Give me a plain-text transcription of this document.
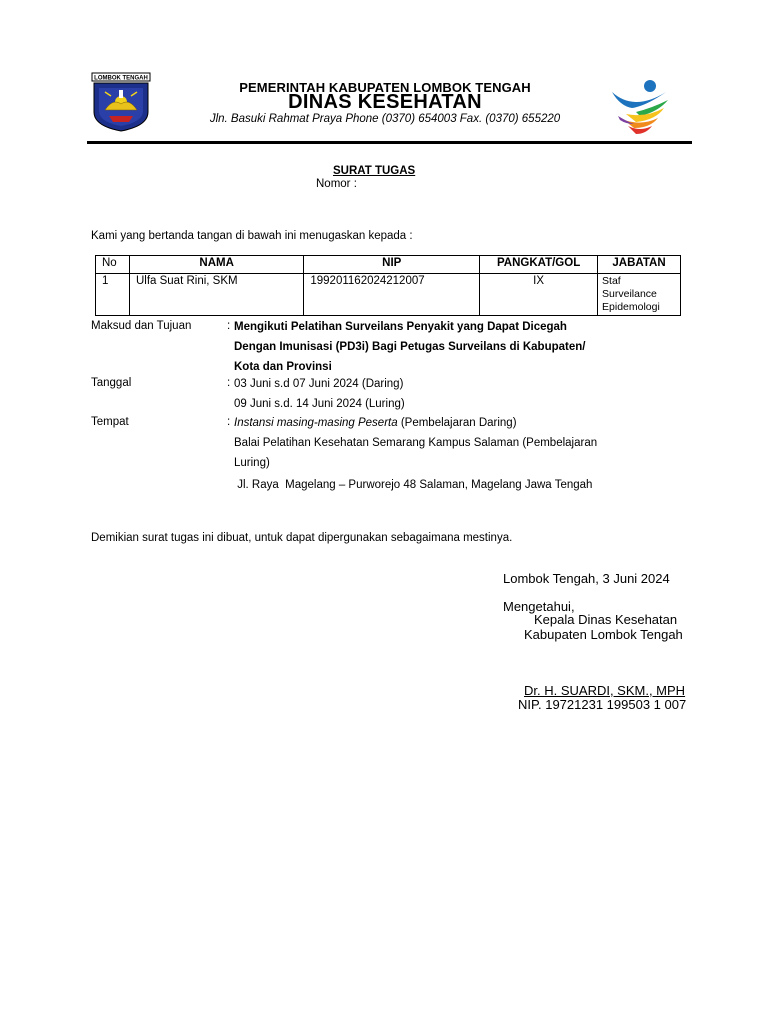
LOMBOK TENGAH
PEMERINTAH KABUPATEN LOMBOK TENGAH
DINAS KESEHATAN
Jln. Basuki Rahmat Praya Phone (0370) 654003 Fax. (0370) 655220
SURAT TUGAS
Nomor :
Kami yang bertanda tangan di bawah ini menugaskan kepada :
No	NAMA	NIP	PANGKAT/GOL	JABATAN
1	Ulfa Suat Rini, SKM	199201162024212007	IX	Staf Surveilance Epidemologi
Maksud dan Tujuan	: Mengikuti Pelatihan Surveilans Penyakit yang Dapat Dicegah
Dengan Imunisasi (PD3i) Bagi Petugas Surveilans di Kabupaten/
Kota dan Provinsi
Tanggal	: 03 Juni s.d 07 Juni 2024 (Daring)
09 Juni s.d. 14 Juni 2024 (Luring)
Tempat	: Instansi masing-masing Peserta (Pembelajaran Daring)
Balai Pelatihan Kesehatan Semarang Kampus Salaman (Pembelajaran
Luring)
Jl. Raya  Magelang – Purworejo 48 Salaman, Magelang Jawa Tengah
Demikian surat tugas ini dibuat, untuk dapat dipergunakan sebagaimana mestinya.
Lombok Tengah, 3 Juni 2024
Mengetahui,
Kepala Dinas Kesehatan
Kabupaten Lombok Tengah
Dr. H. SUARDI, SKM., MPH
NIP. 19721231 199503 1 007
